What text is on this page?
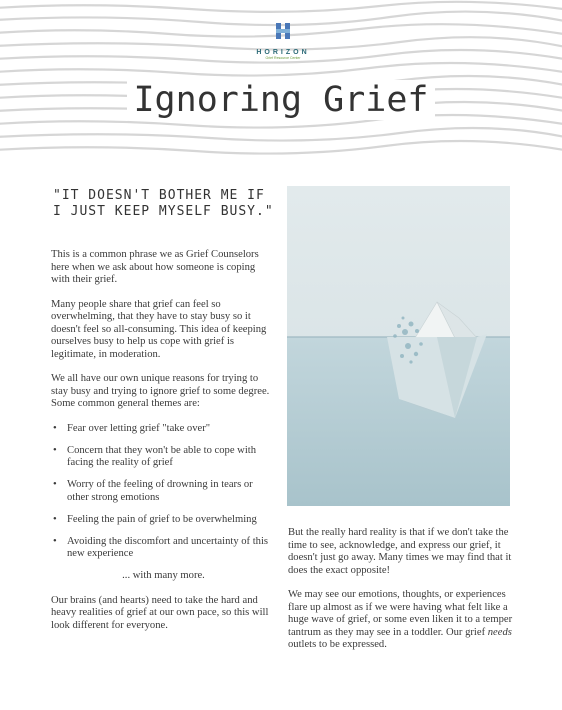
HORIZON
Grief Resource Center
Ignoring Grief
"IT DOESN'T BOTHER ME IF I JUST KEEP MYSELF BUSY."

This is a common phrase we as Grief Counselors here when we ask about how someone is coping with their grief.

Many people share that grief can feel so overwhelming, that they have to stay busy so it doesn't feel so all-consuming. This idea of keeping ourselves busy to help us cope with grief is legitimate, in moderation.

We all have our own unique reasons for trying to stay busy and trying to ignore grief to some degree. Some common general themes are:

• Fear over letting grief "take over"
• Concern that they won't be able to cope with facing the reality of grief
• Worry of the feeling of drowning in tears or other strong emotions
• Feeling the pain of grief to be overwhelming
• Avoiding the discomfort and uncertainty of this new experience
... with many more.

Our brains (and hearts) need to take the hard and heavy realities of grief at our own pace, so this will look different for everyone.

But the really hard reality is that if we don't take the time to see, acknowledge, and express our grief, it doesn't just go away. Many times we may find that it does the exact opposite!

We may see our emotions, thoughts, or experiences flare up almost as if we were having what felt like a huge wave of grief, or some even liken it to a temper tantrum as they may see in a toddler. Our grief needs outlets to be expressed.
